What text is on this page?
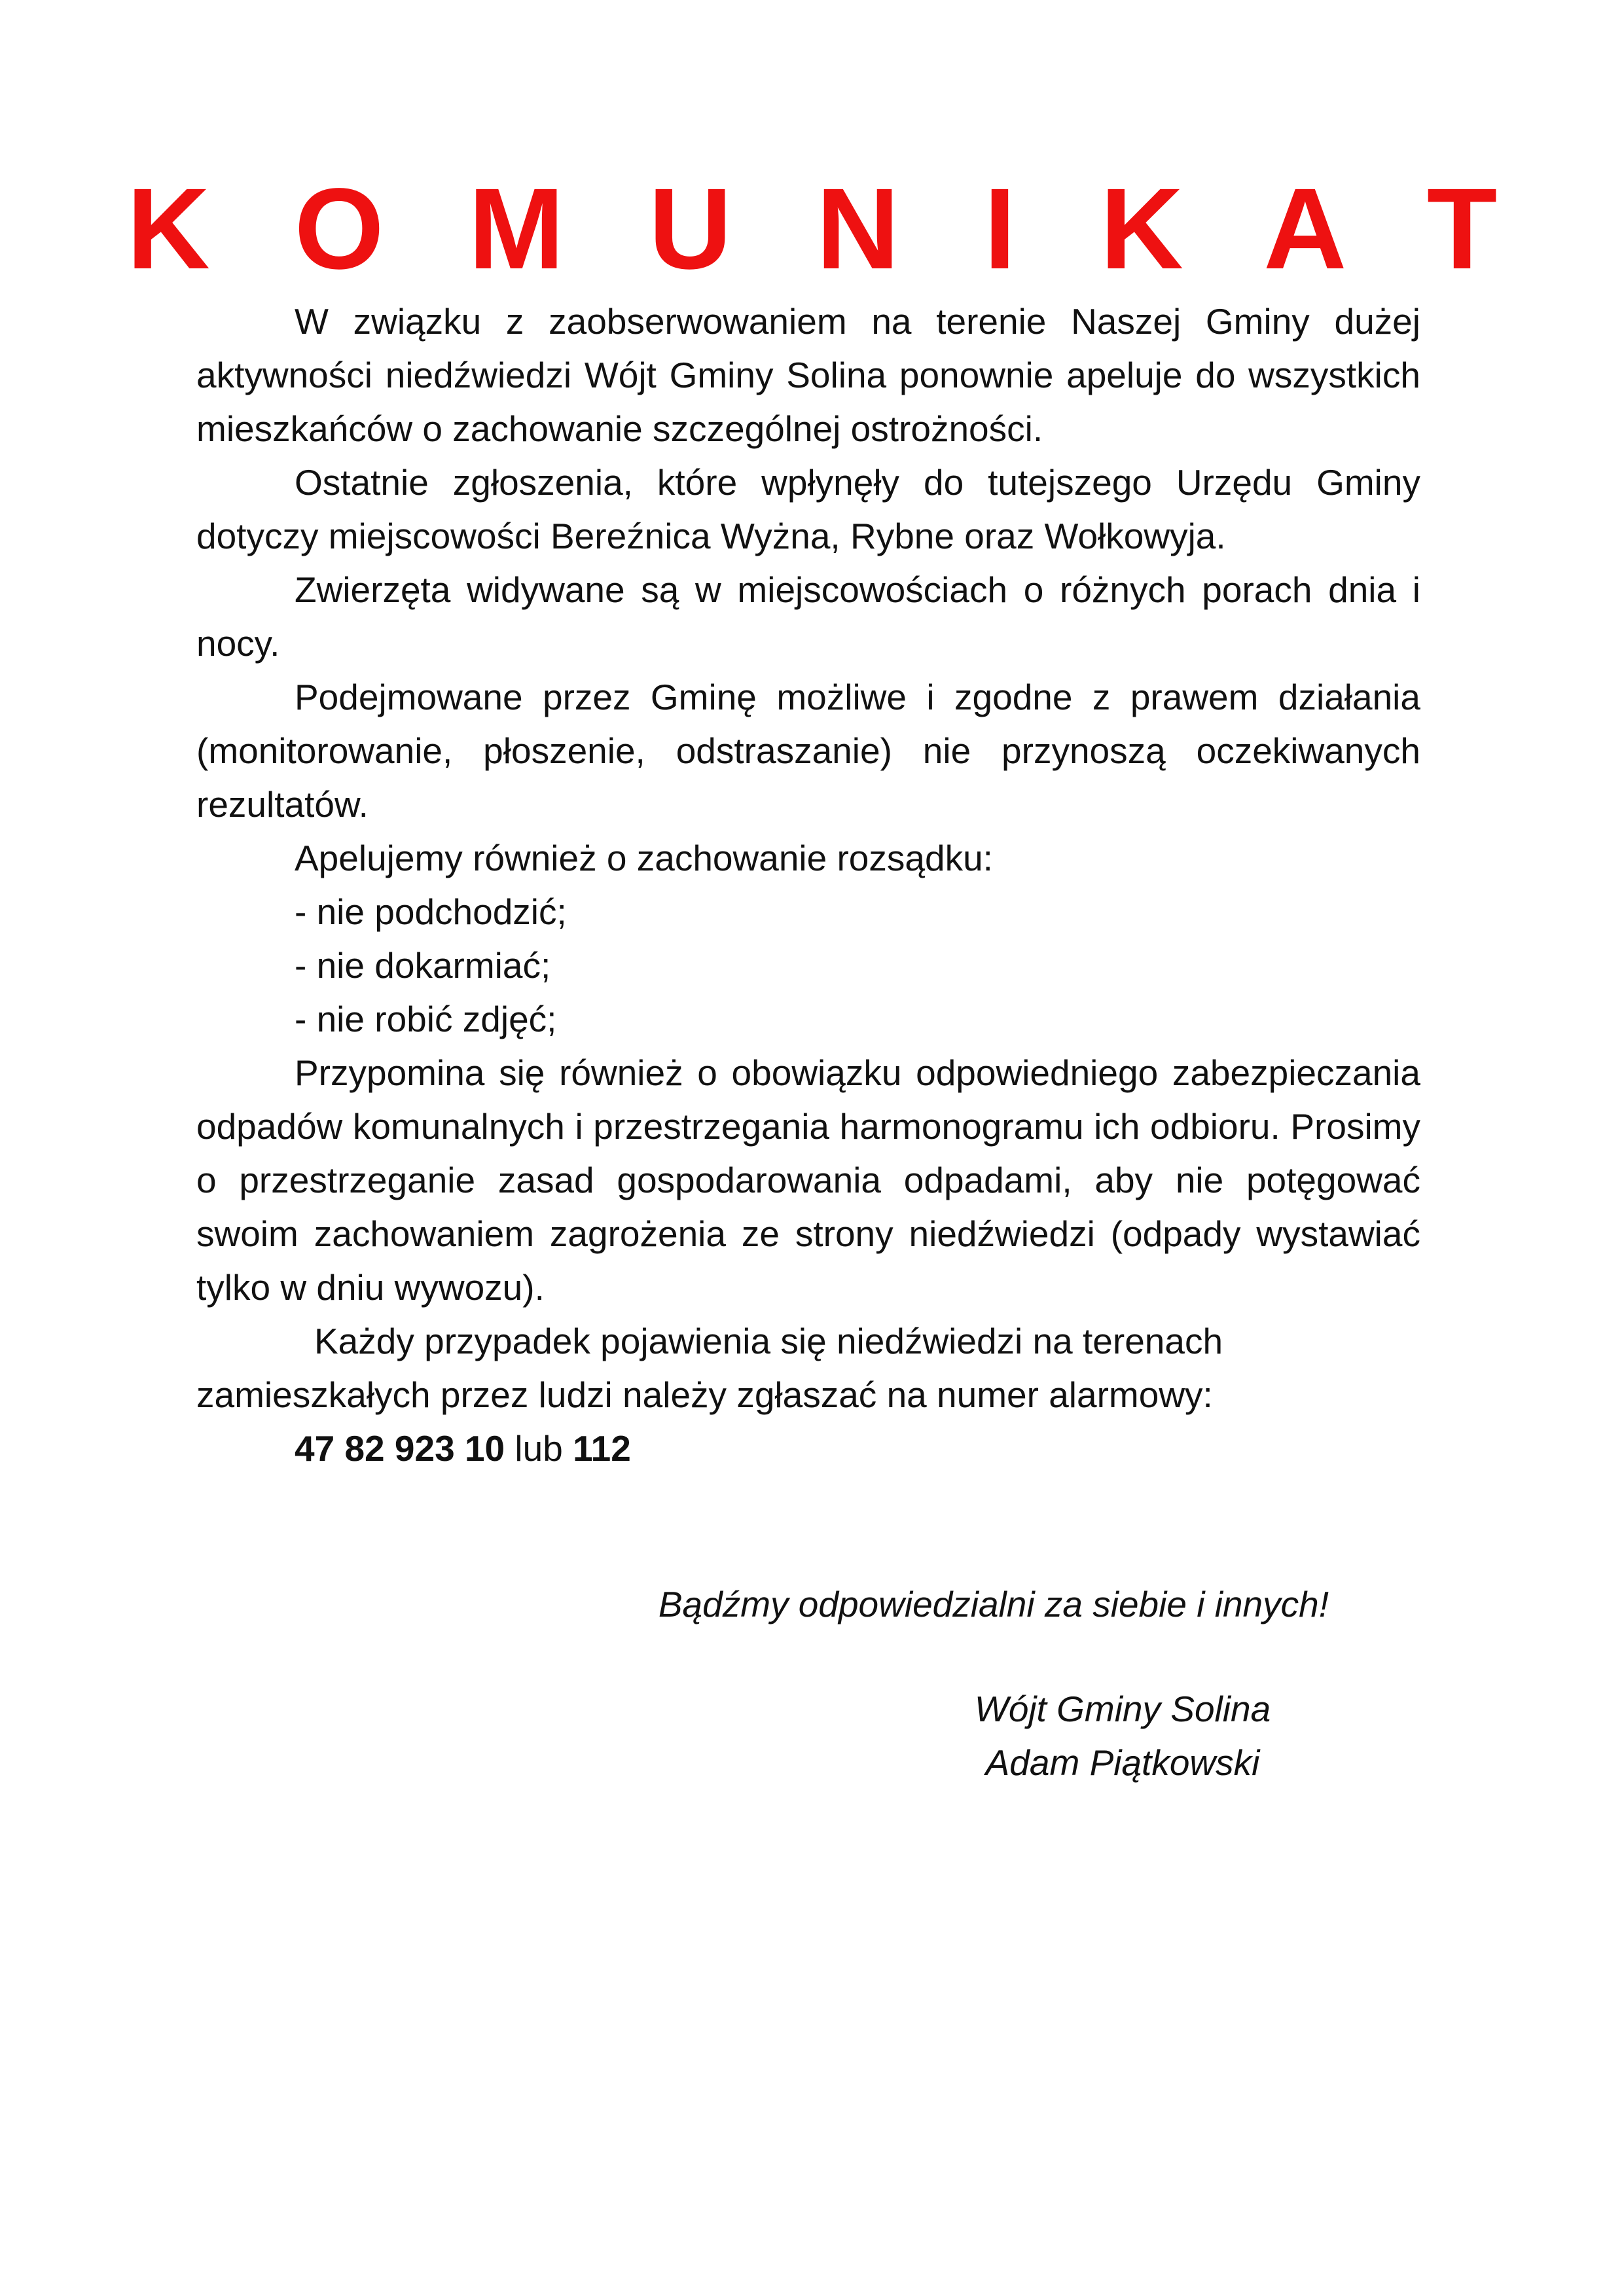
K O M U N I K A T

W związku z zaobserwowaniem na terenie Naszej Gminy dużej aktywności niedźwiedzi Wójt Gminy Solina ponownie apeluje do wszystkich mieszkańców o zachowanie szczególnej ostrożności.

Ostatnie zgłoszenia, które wpłynęły do tutejszego Urzędu Gminy dotyczy miejscowości Bereźnica Wyżna, Rybne oraz Wołkowyja.

Zwierzęta widywane są w miejscowościach o różnych porach dnia i nocy.

Podejmowane przez Gminę możliwe i zgodne z prawem działania (monitorowanie, płoszenie, odstraszanie) nie przynoszą oczekiwanych rezultatów.

Apelujemy również o zachowanie rozsądku:

- nie podchodzić;
- nie dokarmiać;
- nie robić zdjęć;

Przypomina się również o obowiązku odpowiedniego zabezpieczania odpadów komunalnych i przestrzegania harmonogramu ich odbioru. Prosimy o przestrzeganie zasad gospodarowania odpadami, aby nie potęgować swoim zachowaniem zagrożenia ze strony niedźwiedzi (odpady wystawiać tylko w dniu wywozu).

Każdy przypadek pojawienia się niedźwiedzi na terenach zamieszkałych przez ludzi należy zgłaszać na numer alarmowy:

47 82 923 10 lub 112

Bądźmy odpowiedzialni za siebie i innych!

Wójt Gminy Solina
Adam Piątkowski
